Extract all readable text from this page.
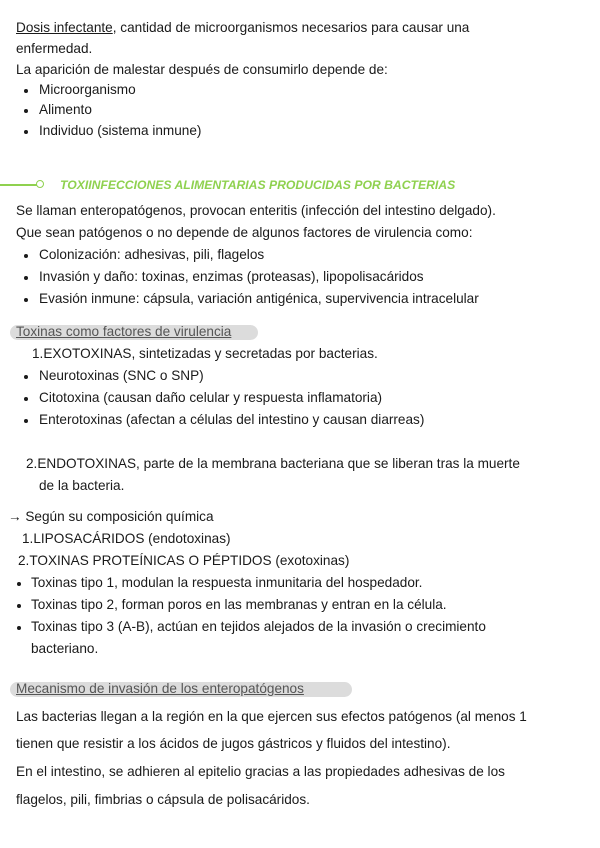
Dosis infectante, cantidad de microorganismos necesarios para causar una
enfermedad.
La aparición de malestar después de consumirlo depende de:
Microorganismo
Alimento
Individuo (sistema inmune)
TOXIINFECCIONES ALIMENTARIAS PRODUCIDAS POR BACTERIAS
Se llaman enteropatógenos, provocan enteritis (infección del intestino delgado).
Que sean patógenos o no depende de algunos factores de virulencia como:
Colonización: adhesivas, pili, flagelos
Invasión y daño: toxinas, enzimas (proteasas), lipopolisacáridos
Evasión inmune: cápsula, variación antigénica, supervivencia intracelular
Toxinas como factores de virulencia
1.EXOTOXINAS, sintetizadas y secretadas por bacterias.
Neurotoxinas (SNC o SNP)
Citotoxina (causan daño celular y respuesta inflamatoria)
Enterotoxinas (afectan a células del intestino y causan diarreas)
2.ENDOTOXINAS, parte de la membrana bacteriana que se liberan tras la muerte
de la bacteria.
→ Según su composición química
1.LIPOSACÁRIDOS (endotoxinas)
2.TOXINAS PROTEÍNICAS O PÉPTIDOS (exotoxinas)
Toxinas tipo 1, modulan la respuesta inmunitaria del hospedador.
Toxinas tipo 2, forman poros en las membranas y entran en la célula.
Toxinas tipo 3 (A-B), actúan en tejidos alejados de la invasión o crecimiento
bacteriano.
Mecanismo de invasión de los enteropatógenos
Las bacterias llegan a la región en la que ejercen sus efectos patógenos (al menos 1
tienen que resistir a los ácidos de jugos gástricos y fluidos del intestino).
En el intestino, se adhieren al epitelio gracias a las propiedades adhesivas de los
flagelos, pili, fimbrias o cápsula de polisacáridos.
